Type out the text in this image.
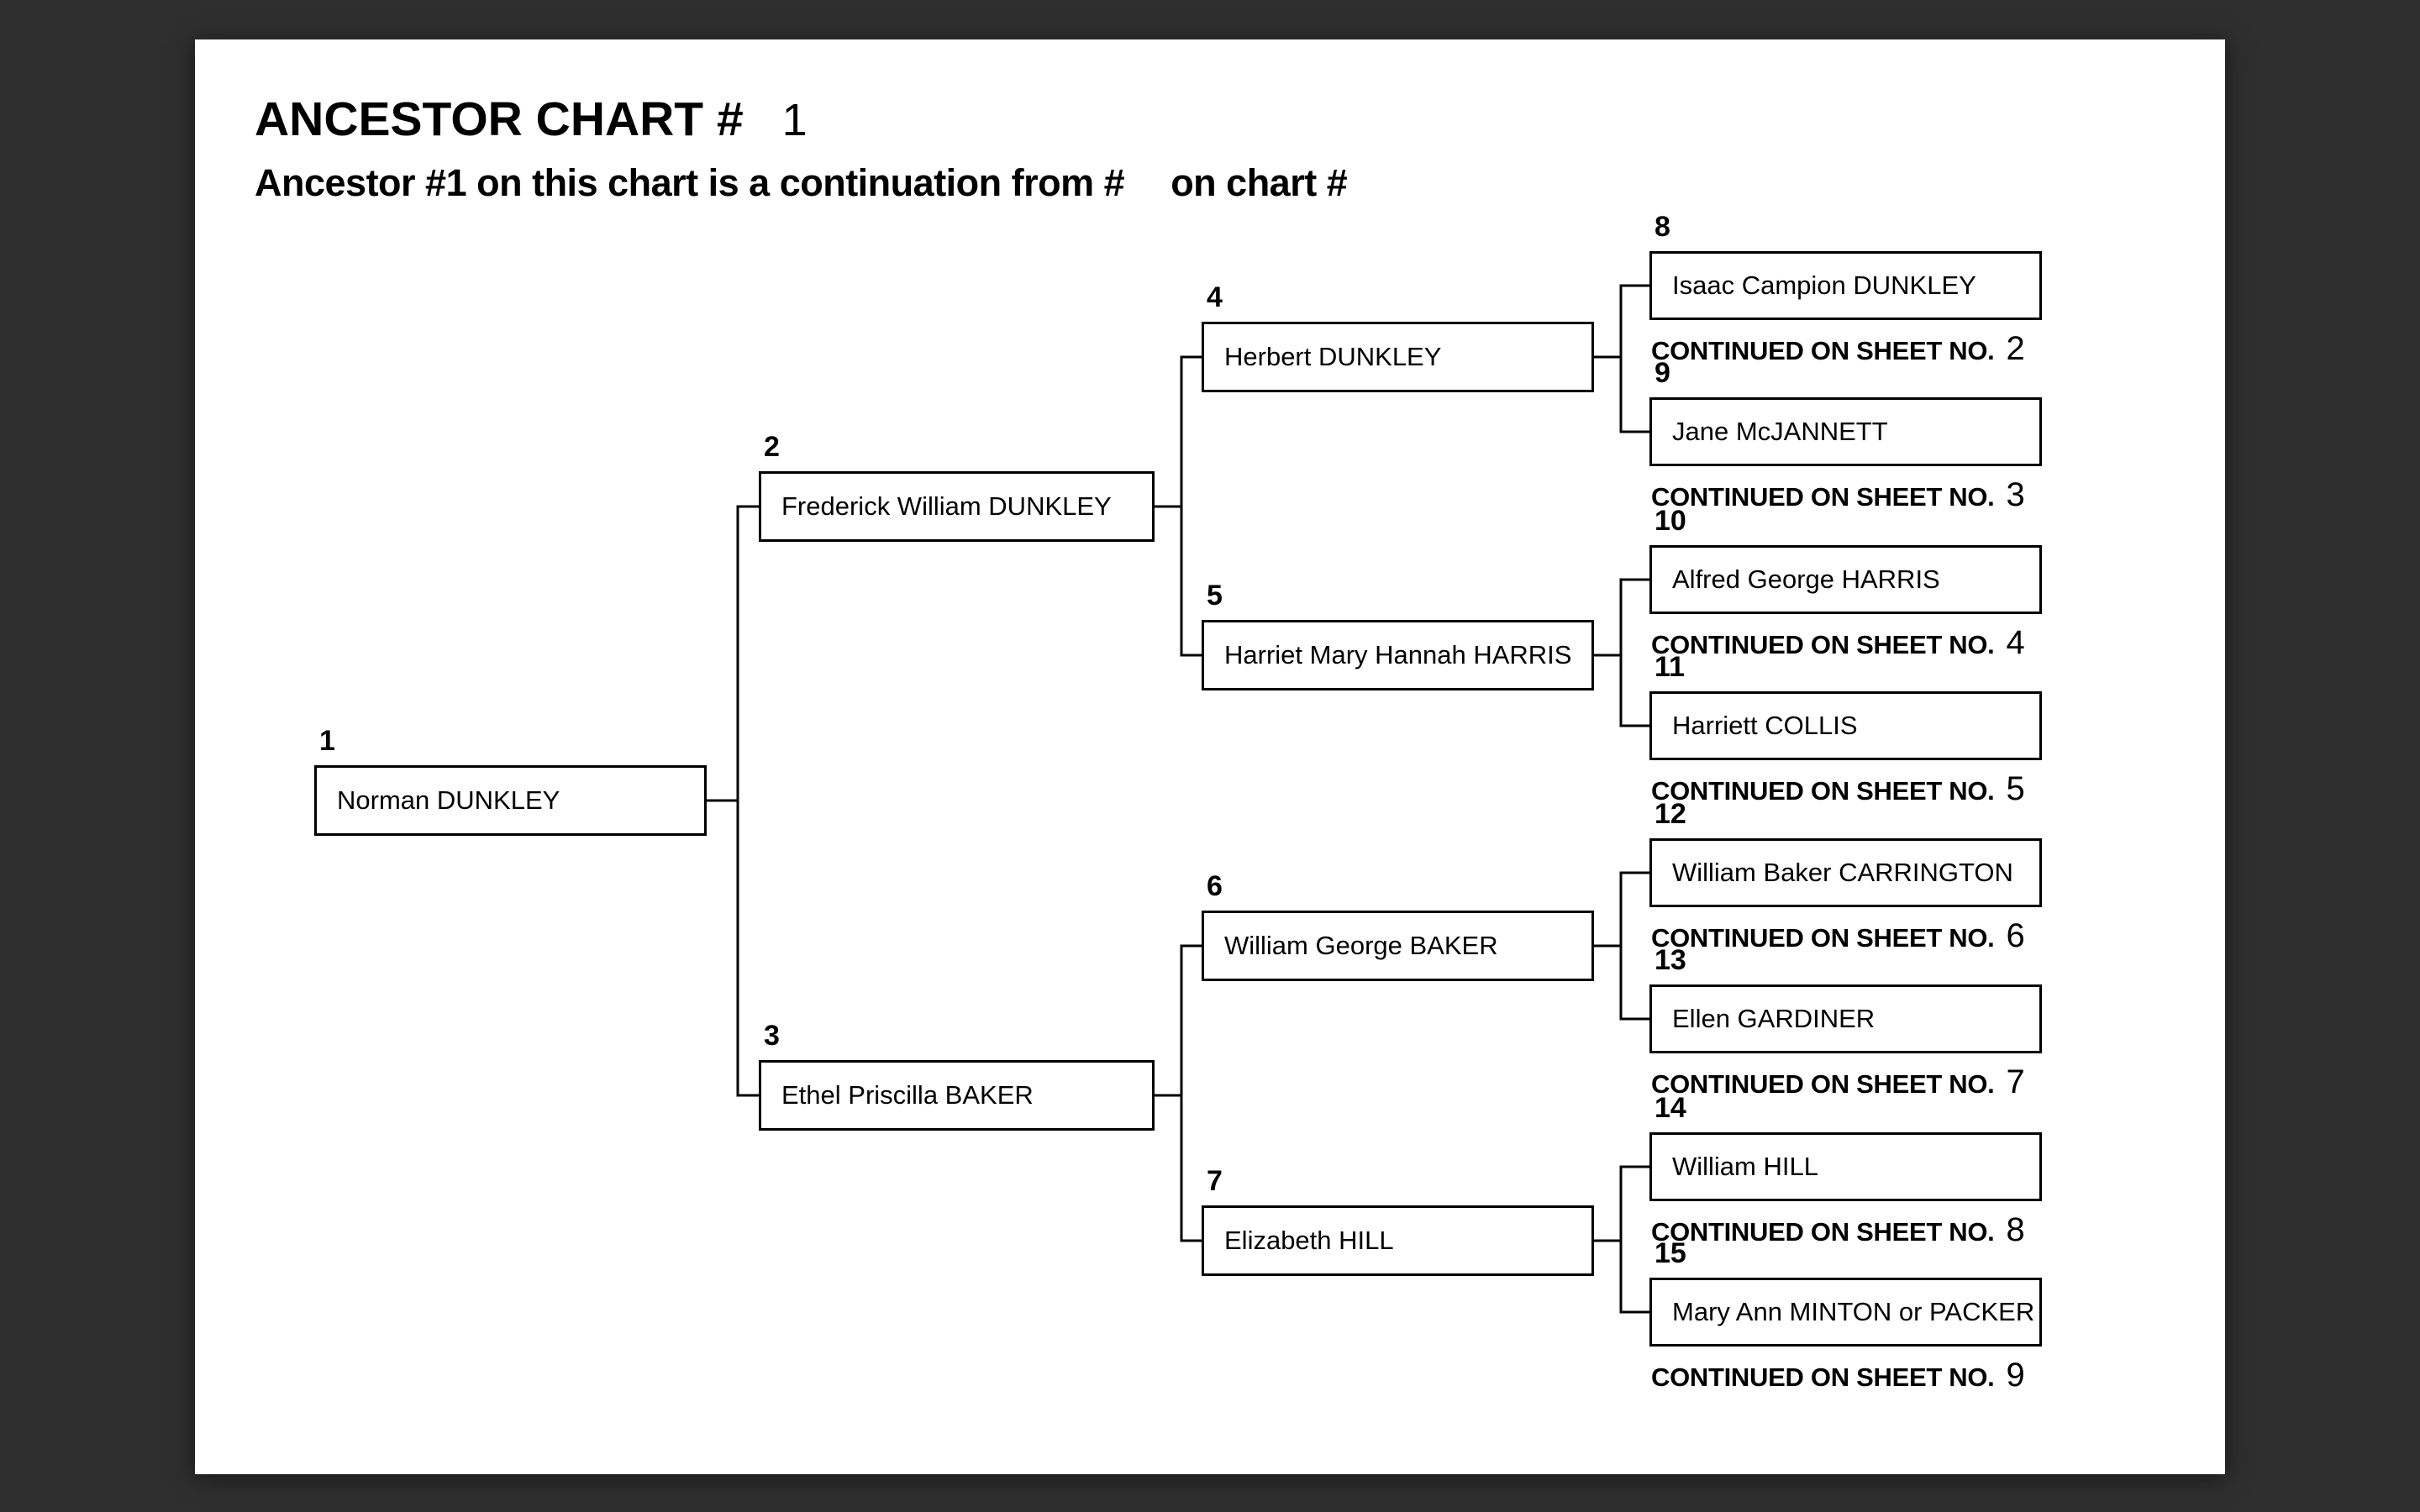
ANCESTOR CHART # 1
Ancestor #1 on this chart is a continuation from # on chart #
1
Norman DUNKLEY
2
Frederick William DUNKLEY
3
Ethel Priscilla BAKER
4
Herbert DUNKLEY
5
Harriet Mary Hannah HARRIS
6
William George BAKER
7
Elizabeth HILL
8
Isaac Campion DUNKLEY
CONTINUED ON SHEET NO. 2
9
Jane McJANNETT
CONTINUED ON SHEET NO. 3
10
Alfred George HARRIS
CONTINUED ON SHEET NO. 4
11
Harriett COLLIS
CONTINUED ON SHEET NO. 5
12
William Baker CARRINGTON
CONTINUED ON SHEET NO. 6
13
Ellen GARDINER
CONTINUED ON SHEET NO. 7
14
William HILL
CONTINUED ON SHEET NO. 8
15
Mary Ann MINTON or PACKER
CONTINUED ON SHEET NO. 9
